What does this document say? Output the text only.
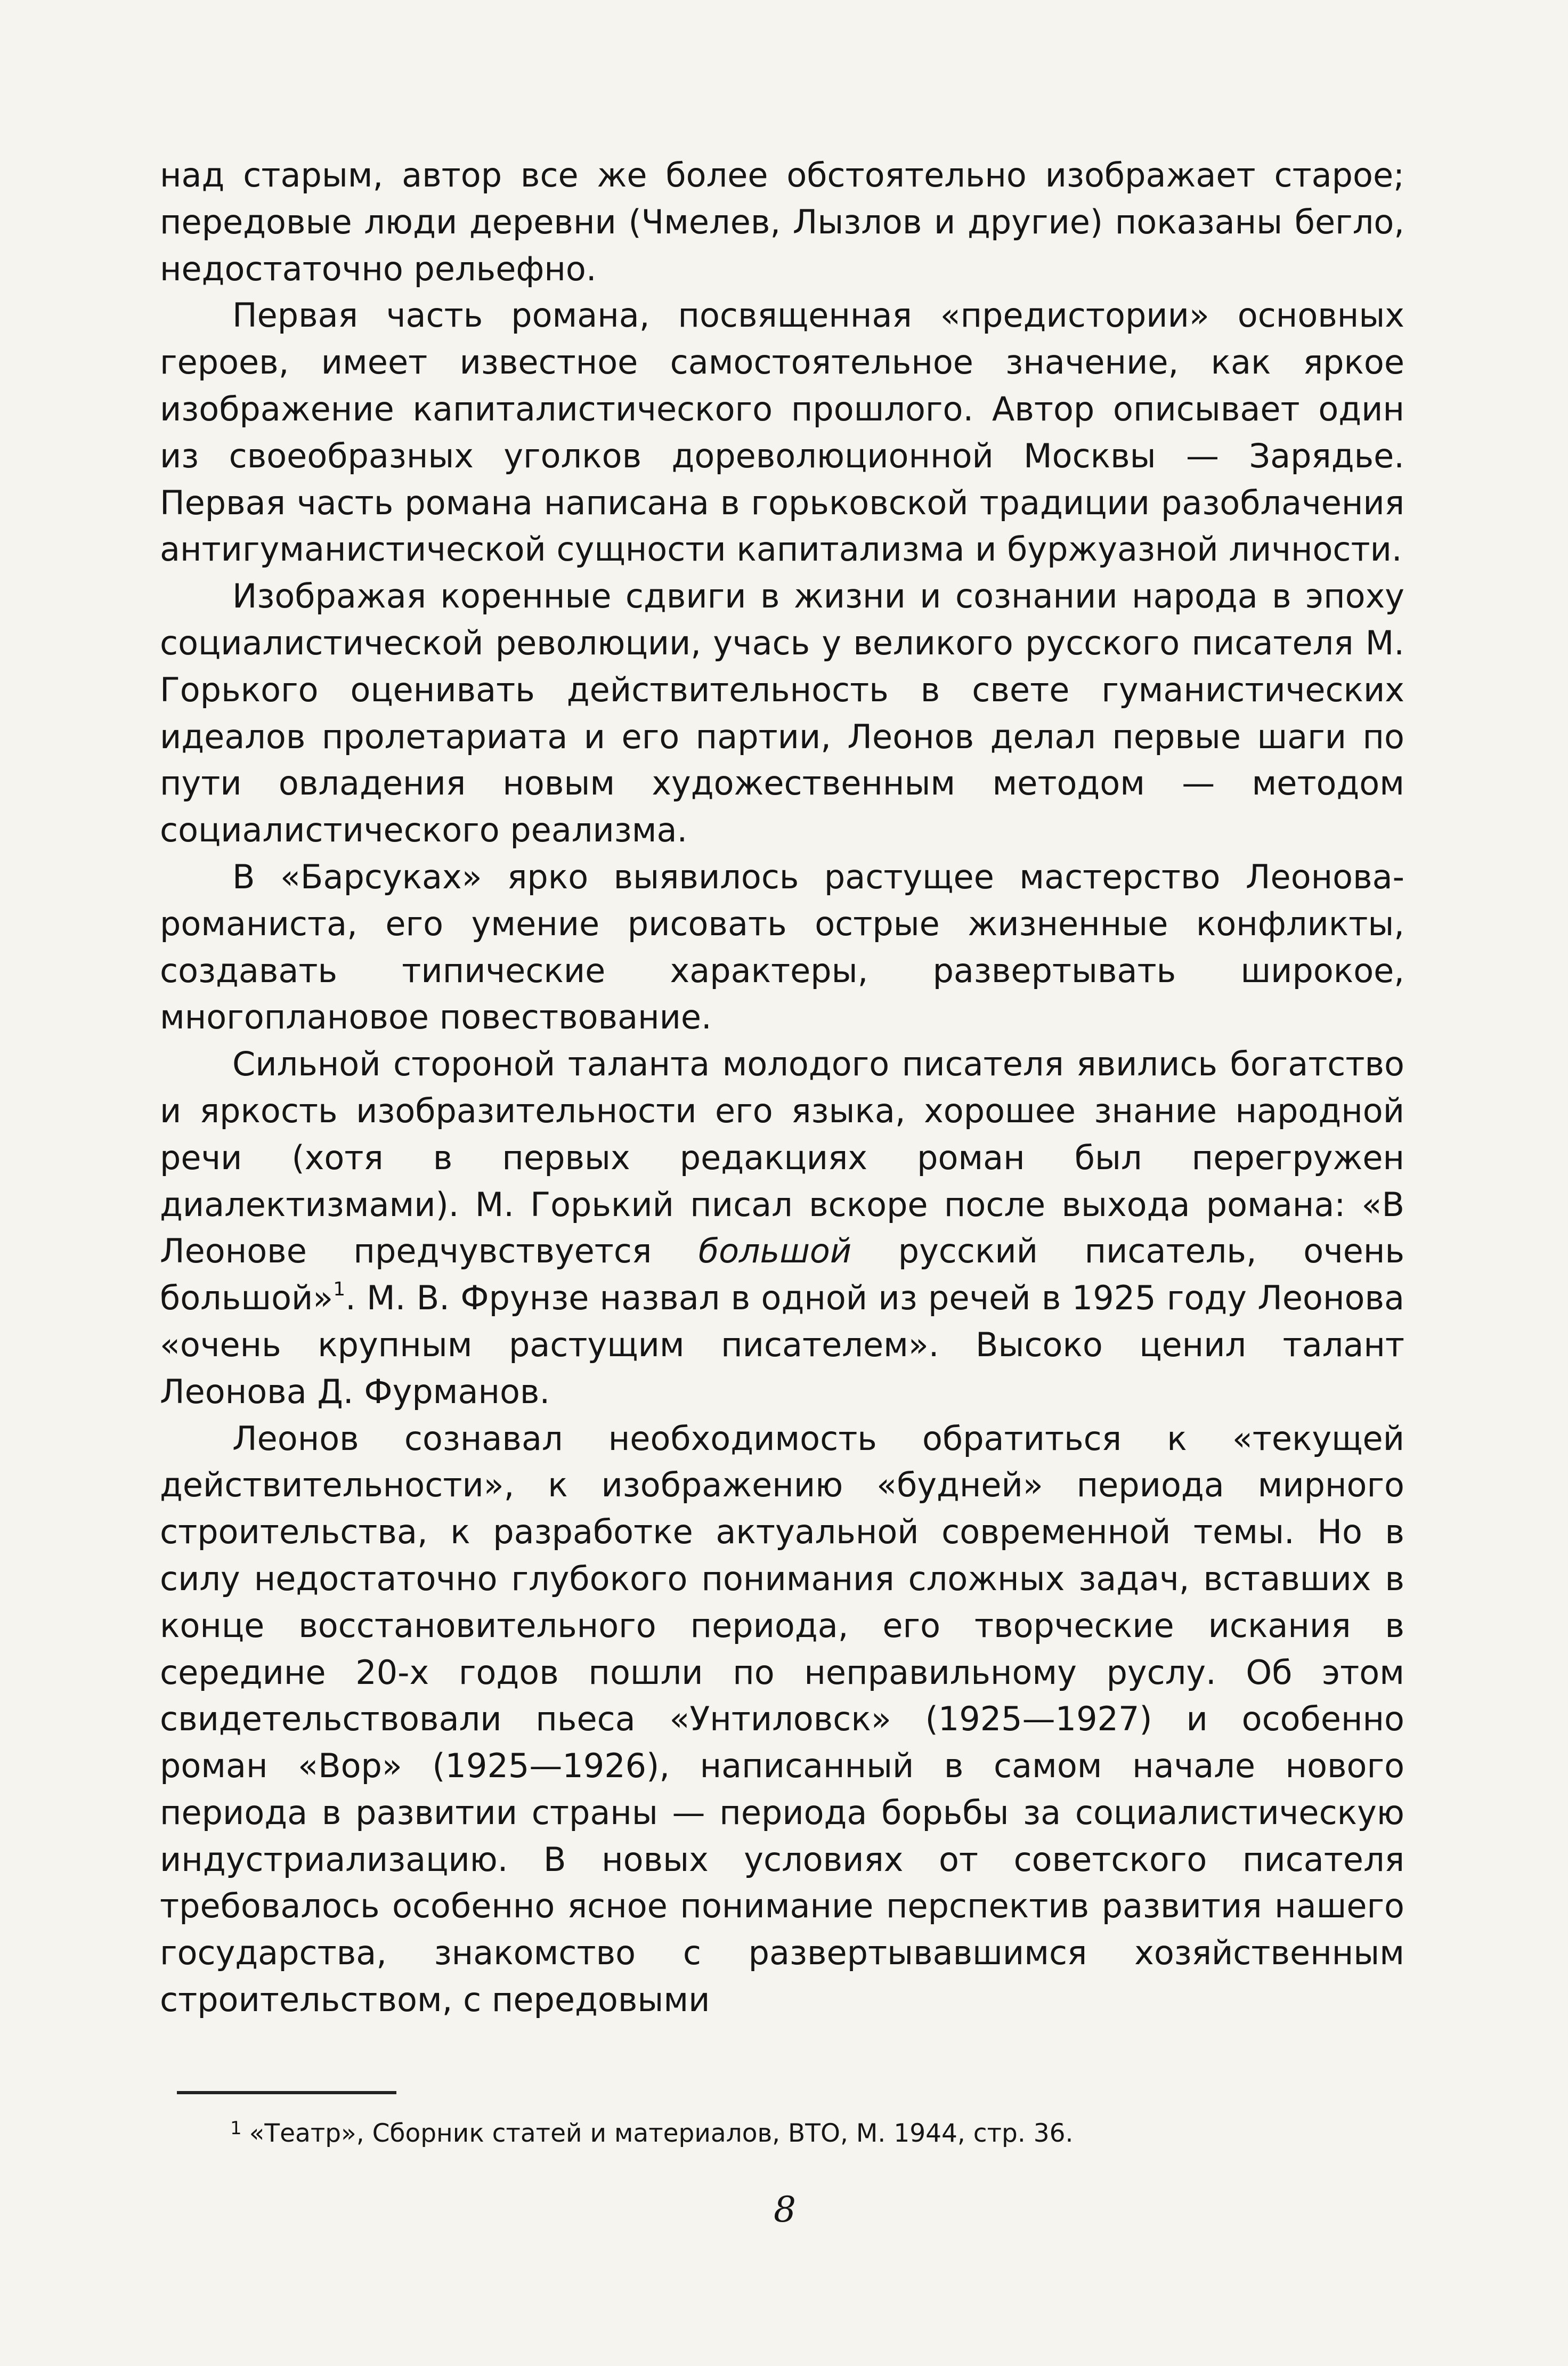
над старым, автор все же более обстоятельно изображает старое; передовые люди деревни (Чмелев, Лызлов и другие) показаны бегло, недостаточно рельефно.

Первая часть романа, посвященная «предистории» основных героев, имеет известное самостоятельное значение, как яркое изображение капиталистического прошлого. Автор описывает один из своеобразных уголков дореволюционной Москвы — Зарядье. Первая часть романа написана в горьковской традиции разоблачения антигуманистической сущности капитализма и буржуазной личности.

Изображая коренные сдвиги в жизни и сознании народа в эпоху социалистической революции, учась у великого русского писателя М. Горького оценивать действительность в свете гуманистических идеалов пролетариата и его партии, Леонов делал первые шаги по пути овладения новым художественным методом — методом социалистического реализма.

В «Барсуках» ярко выявилось растущее мастерство Леонова-романиста, его умение рисовать острые жизненные конфликты, создавать типические характеры, развертывать широкое, многоплановое повествование.

Сильной стороной таланта молодого писателя явились богатство и яркость изобразительности его языка, хорошее знание народной речи (хотя в первых редакциях роман был перегружен диалектизмами). М. Горький писал вскоре после выхода романа: «В Леонове предчувствуется большой русский писатель, очень большой»$^1$. М. В. Фрунзе назвал в одной из речей в 1925 году Леонова «очень крупным растущим писателем». Высоко ценил талант Леонова Д. Фурманов.

Леонов сознавал необходимость обратиться к «текущей действительности», к изображению «будней» периода мирного строительства, к разработке актуальной современной темы. Но в силу недостаточно глубокого понимания сложных задач, вставших в конце восстановительного периода, его творческие искания в середине 20-х годов пошли по неправильному руслу. Об этом свидетельствовали пьеса «Унтиловск» (1925—1927) и особенно роман «Вор» (1925—1926), написанный в самом начале нового периода в развитии страны — периода борьбы за социалистическую индустриализацию. В новых условиях от советского писателя требовалось особенно ясное понимание перспектив развития нашего государства, знакомство с развертывавшимся хозяйственным строительством, с передовыми

$^1$ «Театр», Сборник статей и материалов, ВТО, М. 1944, стр. 36.
8
